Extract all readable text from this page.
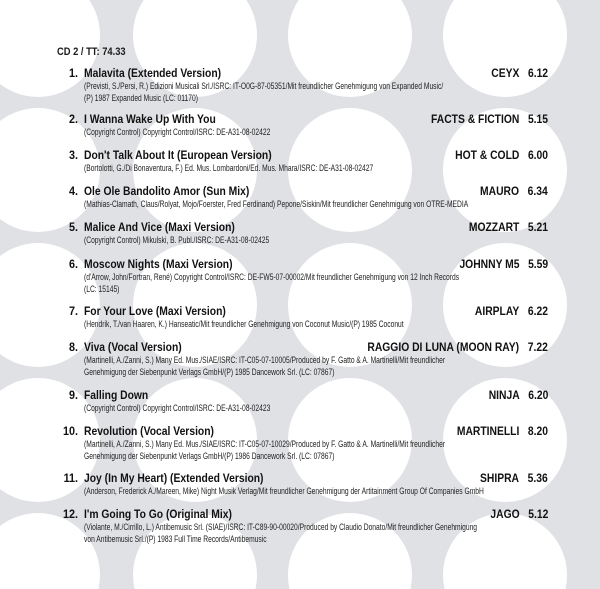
CD 2 / TT: 74.33
1. Malavita (Extended Version)	CEYX 6.12
(Previsti, S./Persi, R.) Edizioni Musicali Srl./ISRC: IT-O0G-87-05351/Mit freundlicher Genehmigung von Expanded Music/
(P) 1987 Expanded Music (LC: 01170)
2. I Wanna Wake Up With You	FACTS & FICTION 5.15
(Copyright Control) Copyright Control/ISRC: DE-A31-08-02422
3. Don't Talk About It (European Version)	HOT & COLD 6.00
(Bortolotti, G./Di Bonaventura, F.) Ed. Mus. Lombardoni/Ed. Mus. Mhara/ISRC: DE-A31-08-02427
4. Ole Ole Bandolito Amor (Sun Mix)	MAURO 6.34
(Mathias-Clamath, Claus/Rolyat, Mojo/Foerster, Fred Ferdinand) Pepone/Siskin/Mit freundlicher Genehmigung von OTRE-MEDIA
5. Malice And Vice (Maxi Version)	MOZZART 5.21
(Copyright Control) Mikulski, B. Publ./ISRC: DE-A31-08-02425
6. Moscow Nights (Maxi Version)	JOHNNY M5 5.59
(d'Arrow, John/Fortran, René) Copyright Control/ISRC: DE-FW5-07-00002/Mit freundlicher Genehmigung von 12 Inch Records
(LC: 15145)
7. For Your Love (Maxi Version)	AIRPLAY 6.22
(Hendrik, T./van Haaren, K.) Hanseatic/Mit freundlicher Genehmigung von Coconut Music/(P) 1985 Coconut
8. Viva (Vocal Version)	RAGGIO DI LUNA (MOON RAY) 7.22
(Martinelli, A./Zanni, S.) Many Ed. Mus./SIAE/ISRC: IT-C05-07-10005/Produced by F. Gatto & A. Martinelli/Mit freundlicher
Genehmigung der Siebenpunkt Verlags GmbH/(P) 1985 Dancework Srl. (LC: 07867)
9. Falling Down	NINJA 6.20
(Copyright Control) Copyright Control/ISRC: DE-A31-08-02423
10. Revolution (Vocal Version)	MARTINELLI 8.20
(Martinelli, A./Zanni, S.) Many Ed. Mus./SIAE/ISRC: IT-C05-07-10029/Produced by F. Gatto & A. Martinelli/Mit freundlicher
Genehmigung der Siebenpunkt Verlags GmbH/(P) 1986 Dancework Srl. (LC: 07867)
11. Joy (In My Heart) (Extended Version)	SHIPRA 5.36
(Anderson, Frederick A./Mareen, Mike) Night Musik Verlag/Mit freundlicher Genehmigung der Artitainment Group Of Companies GmbH
12. I'm Going To Go (Original Mix)	JAGO 5.12
(Violante, M./Cirrillo, L.) Antibemusic Srl. (SIAE)/ISRC: IT-C89-90-00020/Produced by Claudio Donato/Mit freundlicher Genehmigung
von Antibemusic Srl./(P) 1983 Full Time Records/Antibemusic
